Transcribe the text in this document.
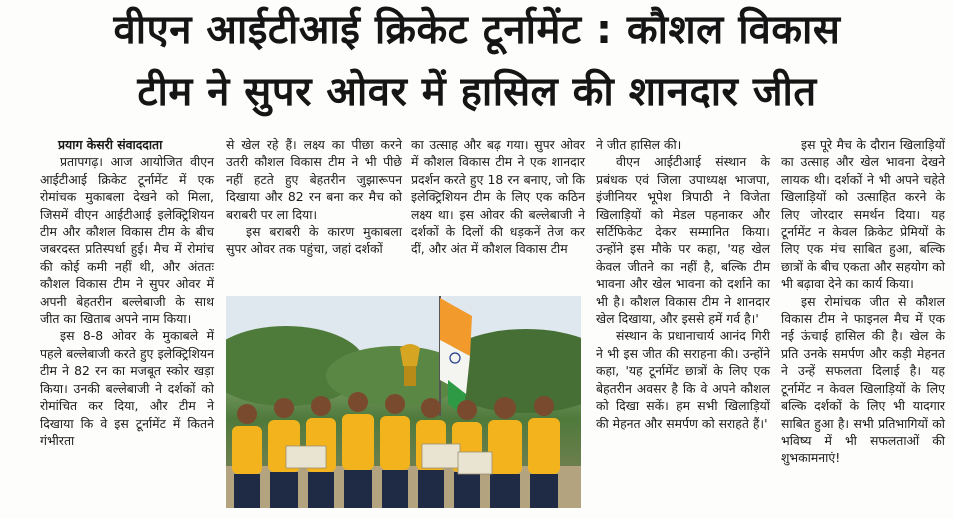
वीएन आईटीआई क्रिकेट टूर्नामेंट : कौशल विकास
टीम ने सुपर ओवर में हासिल की शानदार जीत
प्रयाग केसरी संवाददाता

प्रतापगढ़। आज आयोजित वीएन आईटीआई क्रिकेट टूर्नामेंट में एक रोमांचक मुकाबला देखने को मिला, जिसमें वीएन आईटीआई इलेक्ट्रिशियन टीम और कौशल विकास टीम के बीच जबरदस्त प्रतिस्पर्धा हुई। मैच में रोमांच की कोई कमी नहीं थी, और अंततः कौशल विकास टीम ने सुपर ओवर में अपनी बेहतरीन बल्लेबाजी के साथ जीत का खिताब अपने नाम किया।

इस 8-8 ओवर के मुकाबले में पहले बल्लेबाजी करते हुए इलेक्ट्रिशियन टीम ने 82 रन का मजबूत स्कोर खड़ा किया। उनकी बल्लेबाजी ने दर्शकों को रोमांचित कर दिया, और टीम ने दिखाया कि वे इस टूर्नामेंट में कितने गंभीरता

से खेल रहे हैं। लक्ष्य का पीछा करने उतरी कौशल विकास टीम ने भी पीछे नहीं हटते हुए बेहतरीन जुझारूपन दिखाया और 82 रन बना कर मैच को बराबरी पर ला दिया।

इस बराबरी के कारण मुकाबला सुपर ओवर तक पहुंचा, जहां दर्शकों

का उत्साह और बढ़ गया। सुपर ओवर में कौशल विकास टीम ने एक शानदार प्रदर्शन करते हुए 18 रन बनाए, जो कि इलेक्ट्रिशियन टीम के लिए एक कठिन लक्ष्य था। इस ओवर की बल्लेबाजी ने दर्शकों के दिलों की धड़कनें तेज कर दीं, और अंत में कौशल विकास टीम

ने जीत हासिल की।

वीएन आईटीआई संस्थान के प्रबंधक एवं जिला उपाध्यक्ष भाजपा, इंजीनियर भूपेश त्रिपाठी ने विजेता खिलाड़ियों को मेडल पहनाकर और सर्टिफिकेट देकर सम्मानित किया। उन्होंने इस मौके पर कहा, 'यह खेल केवल जीतने का नहीं है, बल्कि टीम भावना और खेल भावना को दर्शाने का भी है। कौशल विकास टीम ने शानदार खेल दिखाया, और इससे हमें गर्व है।'

संस्थान के प्रधानाचार्य आनंद गिरी ने भी इस जीत की सराहना की। उन्होंने कहा, 'यह टूर्नामेंट छात्रों के लिए एक बेहतरीन अवसर है कि वे अपने कौशल को दिखा सकें। हम सभी खिलाड़ियों की मेहनत और समर्पण को सराहते हैं।'

इस पूरे मैच के दौरान खिलाड़ियों का उत्साह और खेल भावना देखने लायक थी। दर्शकों ने भी अपने चहेते खिलाड़ियों को उत्साहित करने के लिए जोरदार समर्थन दिया। यह टूर्नामेंट न केवल क्रिकेट प्रेमियों के लिए एक मंच साबित हुआ, बल्कि छात्रों के बीच एकता और सहयोग को भी बढ़ावा देने का कार्य किया।

इस रोमांचक जीत से कौशल विकास टीम ने फाइनल मैच में एक नई ऊंचाई हासिल की है। खेल के प्रति उनके समर्पण और कड़ी मेहनत ने उन्हें सफलता दिलाई है। यह टूर्नामेंट न केवल खिलाड़ियों के लिए बल्कि दर्शकों के लिए भी यादगार साबित हुआ है। सभी प्रतिभागियों को भविष्य में भी सफलताओं की शुभकामनाएं!
